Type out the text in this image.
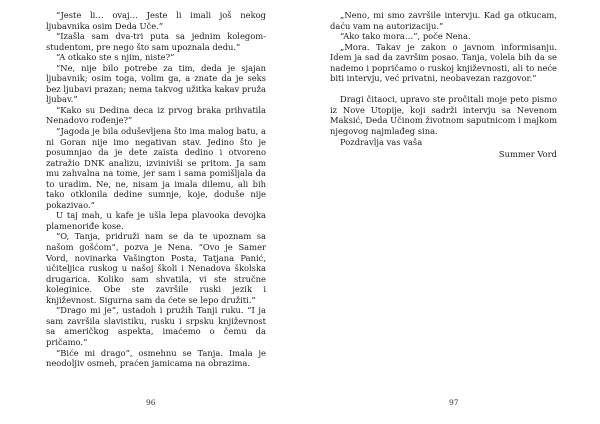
“Jeste li… ovaj… Jeste li imali još nekog ljubavnika osim Deda Uče.”

“Izašla sam dva-tri puta sa jednim kolegom-studentom, pre nego što sam upoznala dedu.”

“A otkako ste s njim, niste?”

“Ne, nije bilo potrebe za tim, deda je sjajan ljubavnik; osim toga, volim ga, a znate da je seks bez ljubavi prazan; nema takvog užitka kakav pruža ljubav.”

“Kako su Dedina deca iz prvog braka prihvatila Nenadovo rođenje?”

“Jagoda je bila oduševljena što ima malog batu, a ni Goran nije imo negativan stav. Jedino što je posumnjao da je dete zaista dedino i otvoreno zatražio DNK analizu, izviniviši se pritom. Ja sam mu zahvalna na tome, jer sam i sama pomišljala da to uradim. Ne, ne, nisam ja imala dilemu, ali bih tako otklonila dedine sumnje, koje, doduše nije pokazivao.”

U taj mah, u kafe je ušla lepa plavooka devojka plamenoriđe kose.

“O, Tanja, pridruži nam se da te upoznam sa našom gošćom”, pozva je Nena. “Ovo je Samer Vord, novinarka Vašington Posta, Tatjana Panić, učiteljica ruskog u našoj školi i Nenadova školska drugarica. Koliko sam shvatila, vi ste stručne koleginice. Obe ste završile ruski jezik i književnost. Sigurna sam da ćete se lepo družiti.”

“Drago mi je”, ustadoh i pružih Tanji ruku. “I ja sam završila slavistiku, rusku i srpsku književnost sa američkog aspekta, imaćemo o čemu da pričamo.”

“Biće mi drago”, osmehnu se Tanja. Imala je neodoljiv osmeh, praćen jamicama na obrazima.

96

„Neno, mi smo završile intervju. Kad ga otkucam, daću vam na autorizaciju.”

“Ako tako mora…”, poče Nena.

„Mora. Takav je zakon o javnom informisanju. Idem ja sad da završim posao. Tanja, volela bih da se nademo i popričamo o ruskoj književnosti, ali to neće biti intervju, već privatni, neobavezan razgovor.”

Dragi čitaoci, upravo ste pročitali moje peto pismo iz Nove Utopije, koji sadrži intervju sa Nevenom Maksić, Deda Učinom životnom saputnicom i majkom njegovog najmlađeg sina.

Pozdravlja vas vaša

Summer Vord

97
